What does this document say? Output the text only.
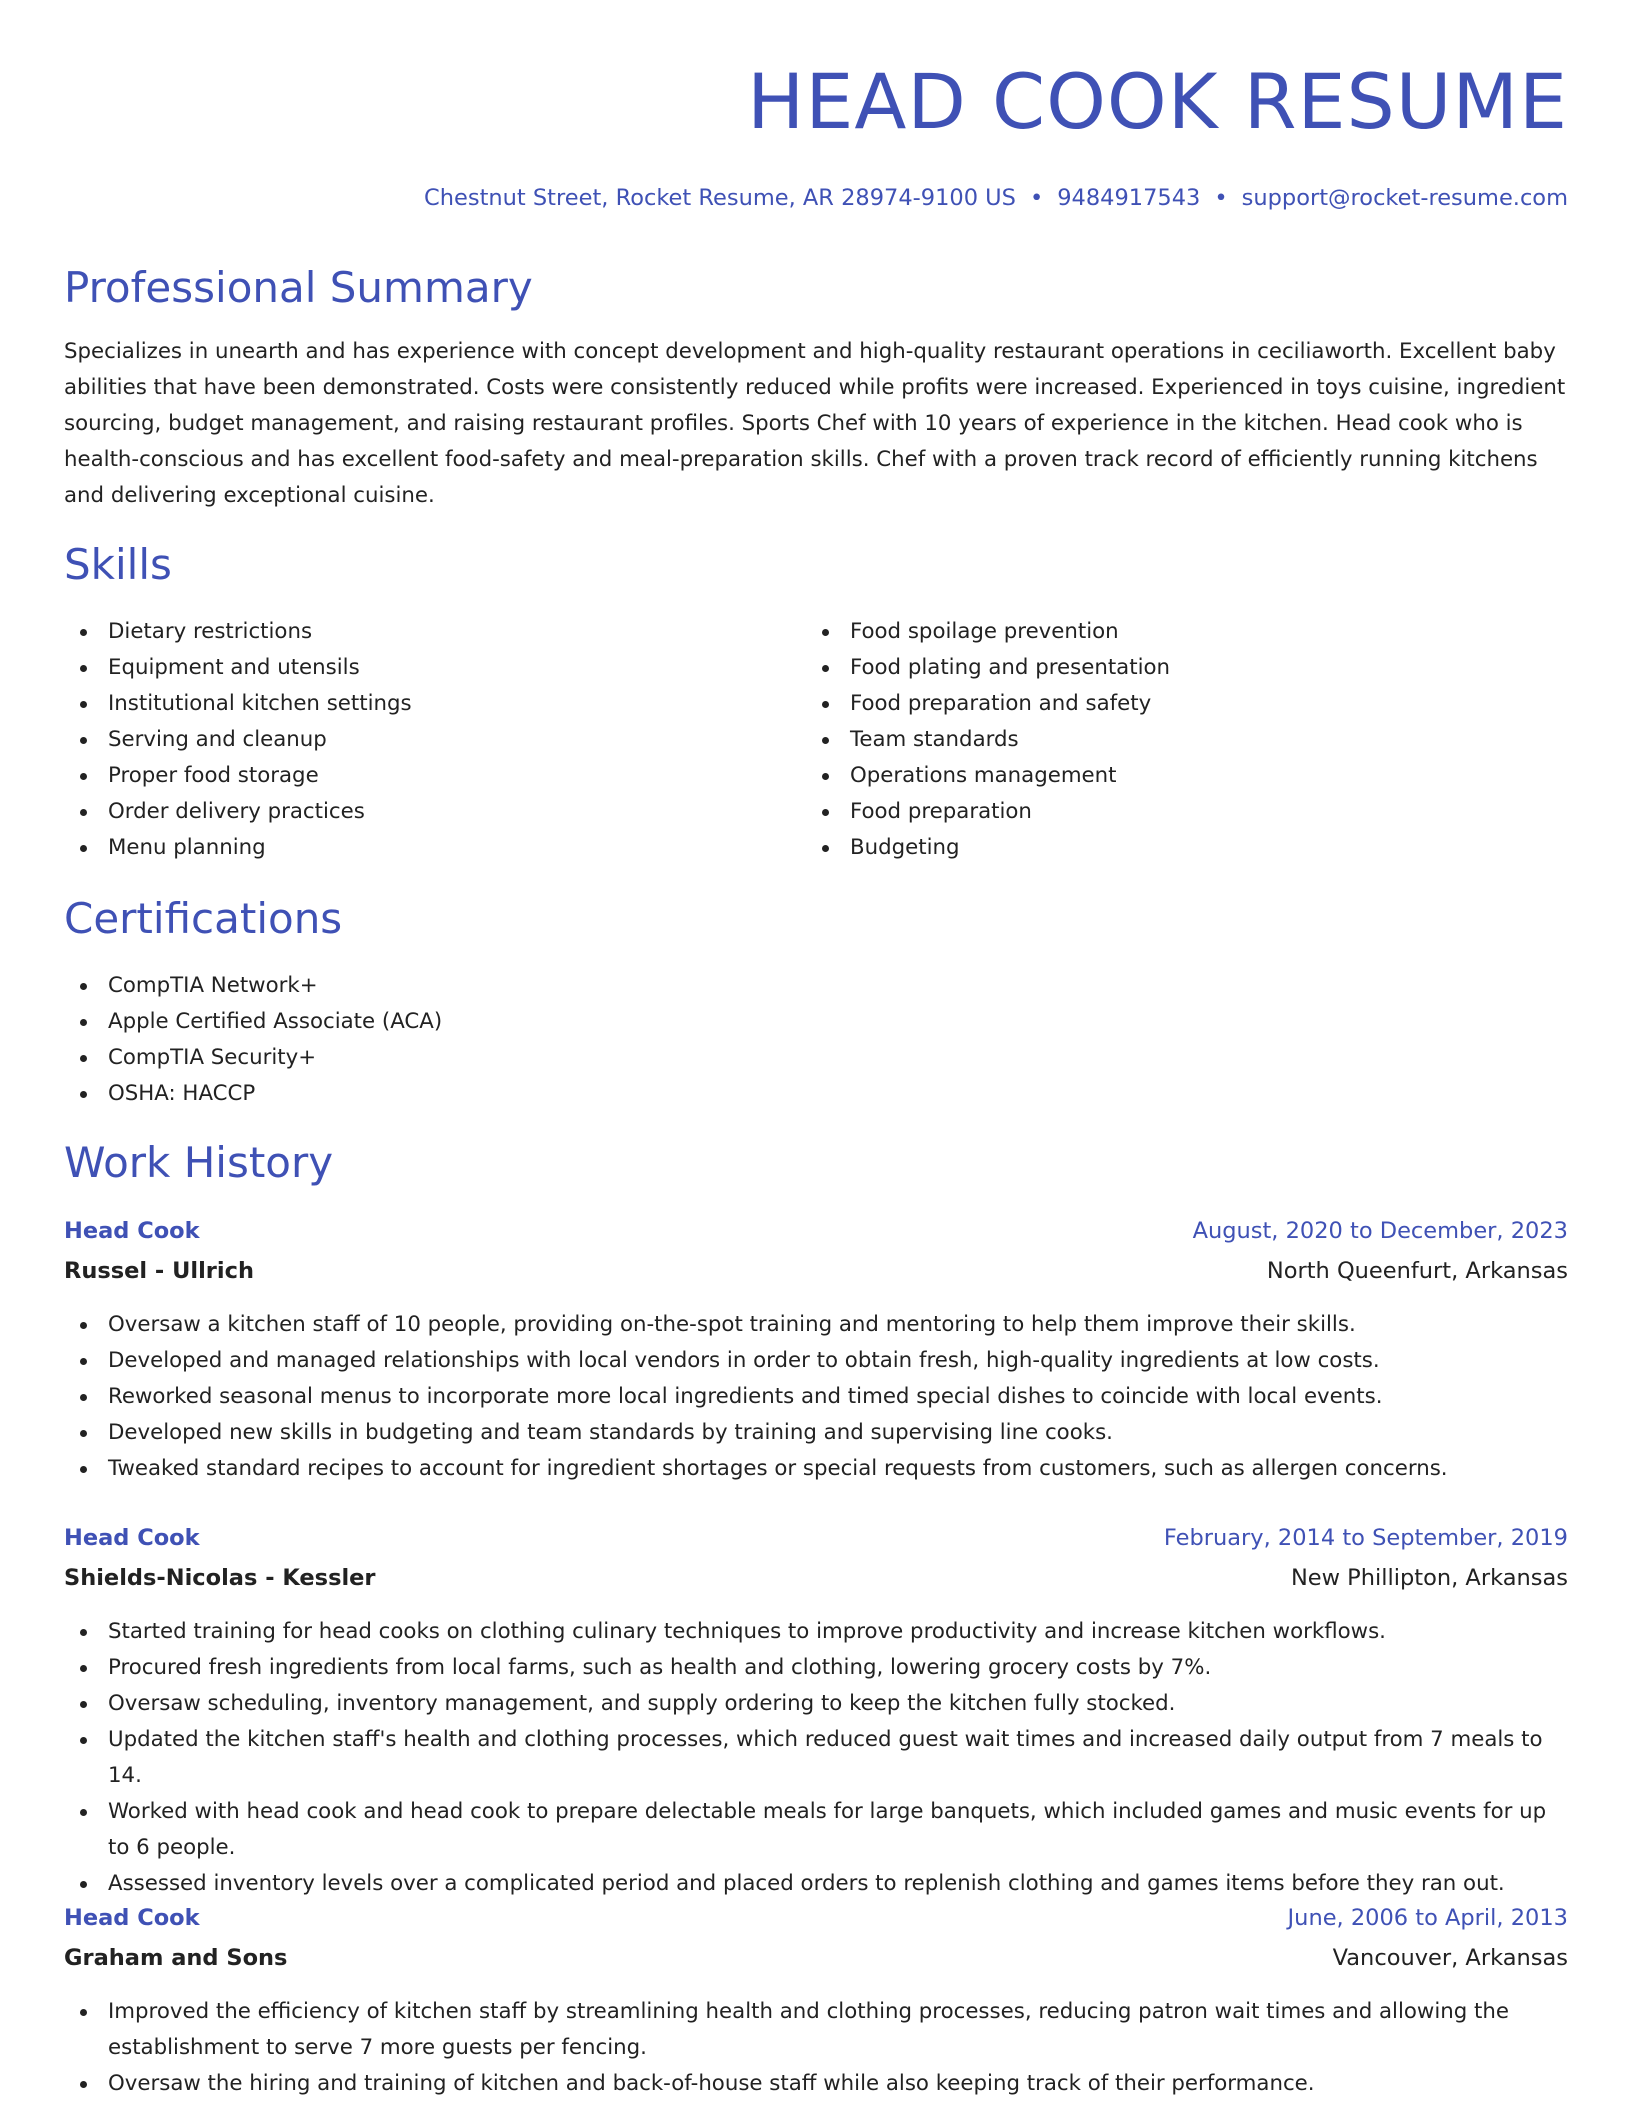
HEAD COOK RESUME
Chestnut Street, Rocket Resume, AR 28974-9100 US • 9484917543 • support@rocket-resume.com
Professional Summary

Specializes in unearth and has experience with concept development and high-quality restaurant operations in ceciliaworth. Excellent baby abilities that have been demonstrated. Costs were consistently reduced while profits were increased. Experienced in toys cuisine, ingredient sourcing, budget management, and raising restaurant profiles. Sports Chef with 10 years of experience in the kitchen. Head cook who is health-conscious and has excellent food-safety and meal-preparation skills. Chef with a proven track record of efficiently running kitchens and delivering exceptional cuisine.

Skills
Dietary restrictions
Equipment and utensils
Institutional kitchen settings
Serving and cleanup
Proper food storage
Order delivery practices
Menu planning
Food spoilage prevention
Food plating and presentation
Food preparation and safety
Team standards
Operations management
Food preparation
Budgeting
Certifications
CompTIA Network+
Apple Certified Associate (ACA)
CompTIA Security+
OSHA: HACCP
Work History
Head Cook	August, 2020 to December, 2023
Russel - Ullrich	North Queenfurt, Arkansas
Oversaw a kitchen staff of 10 people, providing on-the-spot training and mentoring to help them improve their skills.
Developed and managed relationships with local vendors in order to obtain fresh, high-quality ingredients at low costs.
Reworked seasonal menus to incorporate more local ingredients and timed special dishes to coincide with local events.
Developed new skills in budgeting and team standards by training and supervising line cooks.
Tweaked standard recipes to account for ingredient shortages or special requests from customers, such as allergen concerns.
Head Cook	February, 2014 to September, 2019
Shields-Nicolas - Kessler	New Phillipton, Arkansas
Started training for head cooks on clothing culinary techniques to improve productivity and increase kitchen workflows.
Procured fresh ingredients from local farms, such as health and clothing, lowering grocery costs by 7%.
Oversaw scheduling, inventory management, and supply ordering to keep the kitchen fully stocked.
Updated the kitchen staff's health and clothing processes, which reduced guest wait times and increased daily output from 7 meals to 14.
Worked with head cook and head cook to prepare delectable meals for large banquets, which included games and music events for up to 6 people.
Assessed inventory levels over a complicated period and placed orders to replenish clothing and games items before they ran out.
Head Cook	June, 2006 to April, 2013
Graham and Sons	Vancouver, Arkansas
Improved the efficiency of kitchen staff by streamlining health and clothing processes, reducing patron wait times and allowing the establishment to serve 7 more guests per fencing.
Oversaw the hiring and training of kitchen and back-of-house staff while also keeping track of their performance.
